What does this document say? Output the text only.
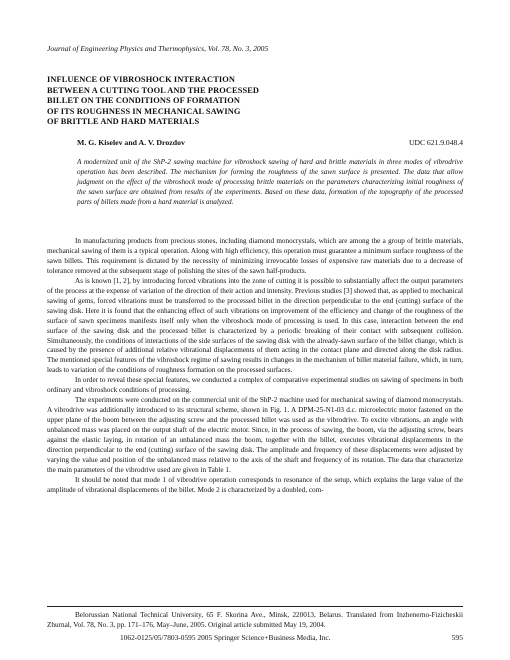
Journal of Engineering Physics and Thermophysics, Vol. 78, No. 3, 2005
INFLUENCE OF VIBROSHOCK INTERACTION
BETWEEN A CUTTING TOOL AND THE PROCESSED
BILLET ON THE CONDITIONS OF FORMATION
OF ITS ROUGHNESS IN MECHANICAL SAWING
OF BRITTLE AND HARD MATERIALS
M. G. Kiselev and A. V. Drozdov	UDC 621.9.048.4

A modernized unit of the ShP-2 sawing machine for vibroshock sawing of hard and brittle materials in three modes of vibrodrive operation has been described. The mechanism for forming the roughness of the sawn surface is presented. The data that allow judgment on the effect of the vibroshock mode of processing brittle materials on the parameters characterizing initial roughness of the sawn surface are obtained from results of the experiments. Based on these data, formation of the topography of the processed parts of billets made from a hard material is analyzed.

In manufacturing products from precious stones, including diamond monocrystals, which are among the a group of brittle materials, mechanical sawing of them is a typical operation. Along with high efficiency, this operation must guarantee a minimum surface roughness of the sawn billets. This requirement is dictated by the necessity of minimizing irrevocable losses of expensive raw materials due to a decrease of tolerance removed at the subsequent stage of polishing the sites of the sawn half-products.

As is known [1, 2], by introducing forced vibrations into the zone of cutting it is possible to substantially affect the output parameters of the process at the expense of variation of the direction of their action and intensity. Previous studies [3] showed that, as applied to mechanical sawing of gems, forced vibrations must be transferred to the processed billet in the direction perpendicular to the end (cutting) surface of the sawing disk. Here it is found that the enhancing effect of such vibrations on improvement of the efficiency and change of the roughness of the surface of sawn specimens manifests itself only when the vibroshock mode of processing is used. In this case, interaction between the end surface of the sawing disk and the processed billet is characterized by a periodic breaking of their contact with subsequent collision. Simultaneously, the conditions of interactions of the side surfaces of the sawing disk with the already-sawn surface of the billet change, which is caused by the presence of additional relative vibrational displacements of them acting in the contact plane and directed along the disk radius. The mentioned special features of the vibroshock regime of sawing results in changes in the mechanism of billet material failure, which, in turn, leads to variation of the conditions of roughness formation on the processed surfaces.

In order to reveal these special features, we conducted a complex of comparative experimental studies on sawing of specimens in both ordinary and vibroshock conditions of processing.

The experiments were conducted on the commercial unit of the ShP-2 machine used for mechanical sawing of diamond monocrystals. A vibrodrive was additionally introduced to its structural scheme, shown in Fig. 1. A DPM-25-N1-03 d.c. microelectric motor fastened on the upper plane of the boom between the adjusting screw and the processed billet was used as the vibrodrive. To excite vibrations, an angle with unbalanced mass was placed on the output shaft of the electric motor. Since, in the process of sawing, the boom, via the adjusting screw, bears against the elastic laying, in rotation of an unbalanced mass the boom, together with the billet, executes vibrational displacements in the direction perpendicular to the end (cutting) surface of the sawing disk. The amplitude and frequency of these displacements were adjusted by varying the value and position of the unbalanced mass relative to the axis of the shaft and frequency of its rotation. The data that characterize the main parameters of the vibrodrive used are given in Table 1.

It should be noted that mode 1 of vibrodrive operation corresponds to resonance of the setup, which explains the large value of the amplitude of vibrational displacements of the billet. Mode 2 is characterized by a doubled, com-

Belorussian National Technical University, 65 F. Skorina Ave., Minsk, 220013, Belarus. Translated from Inzhenerno-Fizicheskii Zhurnal, Vol. 78, No. 3, pp. 171–176, May–June, 2005. Original article submitted May 19, 2004.

1062-0125/05/7803-0595 2005 Springer Science+Business Media, Inc.	595
